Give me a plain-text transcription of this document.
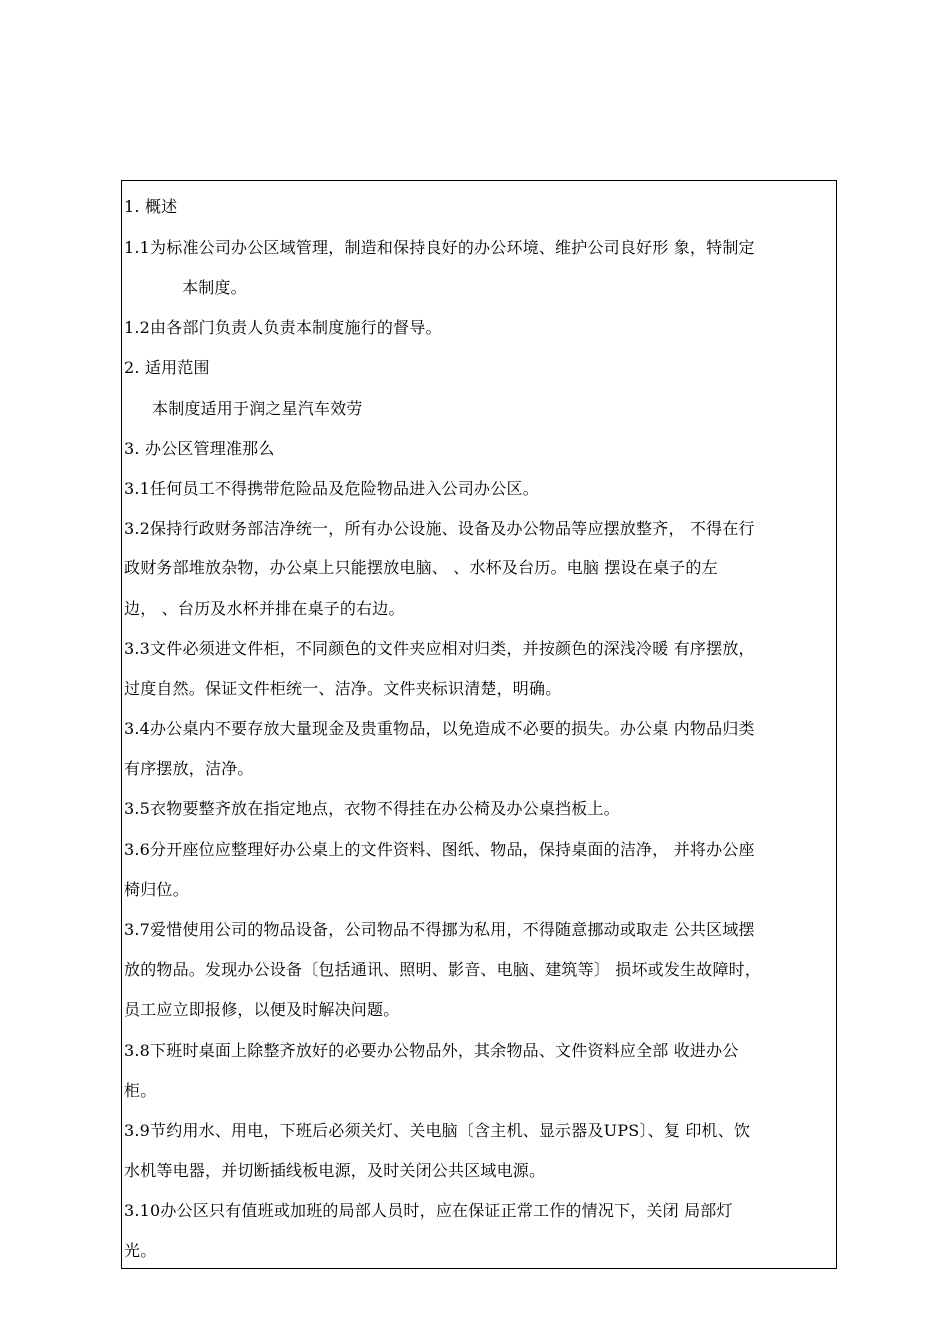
1. 概述
1.1为标准公司办公区域管理，制造和保持良好的办公环境、维护公司良好形 象，特制定
本制度。
1.2由各部门负责人负责本制度施行的督导。
2. 适用范围
本制度适用于润之星汽车效劳
3. 办公区管理准那么
3.1任何员工不得携带危险品及危险物品进入公司办公区。
3.2保持行政财务部洁净统一，所有办公设施、设备及办公物品等应摆放整齐， 不得在行
政财务部堆放杂物，办公桌上只能摆放电脑、 、水杯及台历。电脑 摆设在桌子的左
边， 、台历及水杯并排在桌子的右边。
3.3文件必须进文件柜，不同颜色的文件夹应相对归类，并按颜色的深浅冷暖 有序摆放，
过度自然。保证文件柜统一、洁净。文件夹标识清楚，明确。
3.4办公桌内不要存放大量现金及贵重物品，以免造成不必要的损失。办公桌 内物品归类
有序摆放，洁净。
3.5衣物要整齐放在指定地点，衣物不得挂在办公椅及办公桌挡板上。
3.6分开座位应整理好办公桌上的文件资料、图纸、物品，保持桌面的洁净， 并将办公座
椅归位。
3.7爱惜使用公司的物品设备，公司物品不得挪为私用，不得随意挪动或取走 公共区域摆
放的物品。发现办公设备〔包括通讯、照明、影音、电脑、建筑等〕 损坏或发生故障时，
员工应立即报修，以便及时解决问题。
3.8下班时桌面上除整齐放好的必要办公物品外，其余物品、文件资料应全部 收进办公
柜。
3.9节约用水、用电，下班后必须关灯、关电脑〔含主机、显示器及UPS〕、复 印机、饮
水机等电器，并切断插线板电源，及时关闭公共区域电源。
3.10办公区只有值班或加班的局部人员时，应在保证正常工作的情况下，关闭 局部灯
光。
